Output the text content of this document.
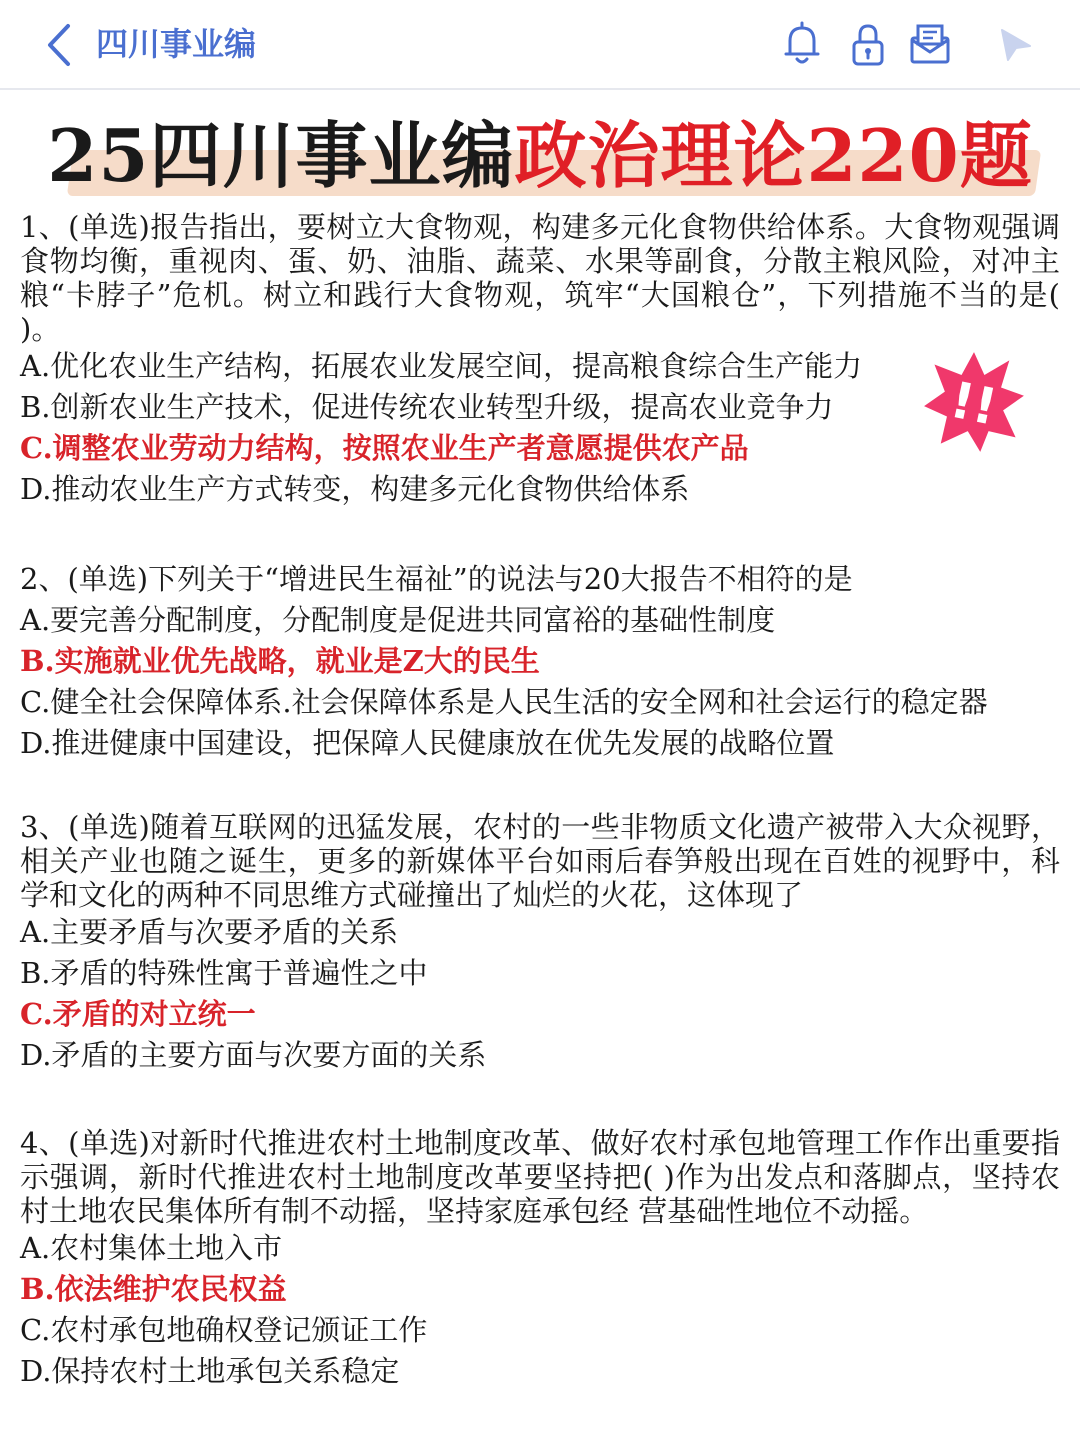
四川事业编
25四川事业编政治理论220题
!!

1、(单选)报告指出，要树立大食物观，构建多元化食物供给体系。大食物观强调食物均衡，重视肉、蛋、奶、油脂、蔬菜、水果等副食，分散主粮风险，对冲主粮“卡脖子”危机。树立和践行大食物观，筑牢“大国粮仓”，下列措施不当的是( )。

A.优化农业生产结构，拓展农业发展空间，提高粮食综合生产能力

B.创新农业生产技术，促进传统农业转型升级，提高农业竞争力

C.调整农业劳动力结构，按照农业生产者意愿提供农产品

D.推动农业生产方式转变，构建多元化食物供给体系

2、(单选)下列关于“增进民生福祉”的说法与20大报告不相符的是

A.要完善分配制度，分配制度是促进共同富裕的基础性制度

B.实施就业优先战略，就业是Z大的民生

C.健全社会保障体系.社会保障体系是人民生活的安全网和社会运行的稳定器

D.推进健康中国建设，把保障人民健康放在优先发展的战略位置

3、(单选)随着互联网的迅猛发展，农村的一些非物质文化遗产被带入大众视野，相关产业也随之诞生，更多的新媒体平台如雨后春笋般出现在百姓的视野中，科学和文化的两种不同思维方式碰撞出了灿烂的火花，这体现了

A.主要矛盾与次要矛盾的关系

B.矛盾的特殊性寓于普遍性之中

C.矛盾的对立统一

D.矛盾的主要方面与次要方面的关系

4、(单选)对新时代推进农村土地制度改革、做好农村承包地管理工作作出重要指示强调，新时代推进农村土地制度改革要坚持把( )作为出发点和落脚点，坚持农村土地农民集体所有制不动摇，坚持家庭承包经 营基础性地位不动摇。

A.农村集体土地入市

B.依法维护农民权益

C.农村承包地确权登记颁证工作

D.保持农村土地承包关系稳定
